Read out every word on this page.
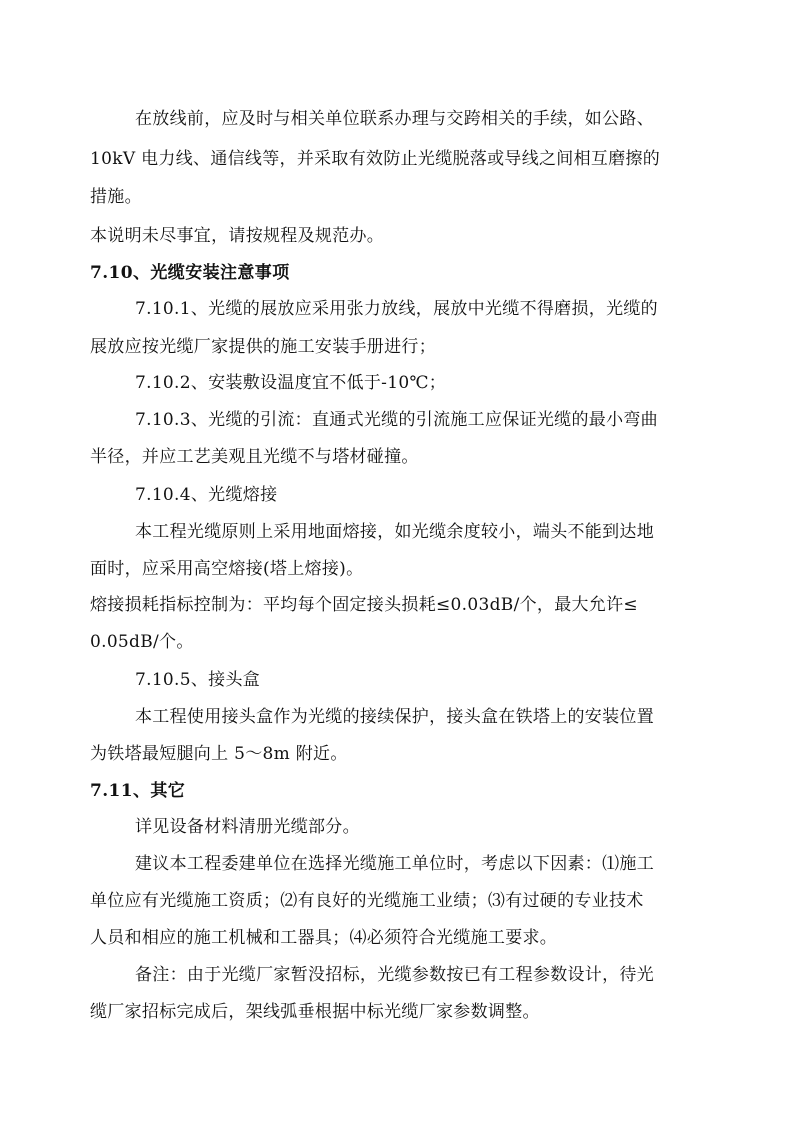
在放线前，应及时与相关单位联系办理与交跨相关的手续，如公路、
10kV 电力线、通信线等，并采取有效防止光缆脱落或导线之间相互磨擦的
措施。
本说明未尽事宜，请按规程及规范办。
7.10、光缆安装注意事项
7.10.1、光缆的展放应采用张力放线，展放中光缆不得磨损，光缆的
展放应按光缆厂家提供的施工安装手册进行；
7.10.2、安装敷设温度宜不低于-10℃；
7.10.3、光缆的引流：直通式光缆的引流施工应保证光缆的最小弯曲
半径，并应工艺美观且光缆不与塔材碰撞。
7.10.4、光缆熔接
本工程光缆原则上采用地面熔接，如光缆余度较小，端头不能到达地
面时，应采用高空熔接(塔上熔接)。
熔接损耗指标控制为：平均每个固定接头损耗≤0.03dB/个，最大允许≤
0.05dB/个。
7.10.5、接头盒
本工程使用接头盒作为光缆的接续保护，接头盒在铁塔上的安装位置
为铁塔最短腿向上 5～8m 附近。
7.11、其它
详见设备材料清册光缆部分。
建议本工程委建单位在选择光缆施工单位时，考虑以下因素：⑴施工
单位应有光缆施工资质；⑵有良好的光缆施工业绩；⑶有过硬的专业技术
人员和相应的施工机械和工器具；⑷必须符合光缆施工要求。
备注：由于光缆厂家暂没招标，光缆参数按已有工程参数设计，待光
缆厂家招标完成后，架线弧垂根据中标光缆厂家参数调整。
